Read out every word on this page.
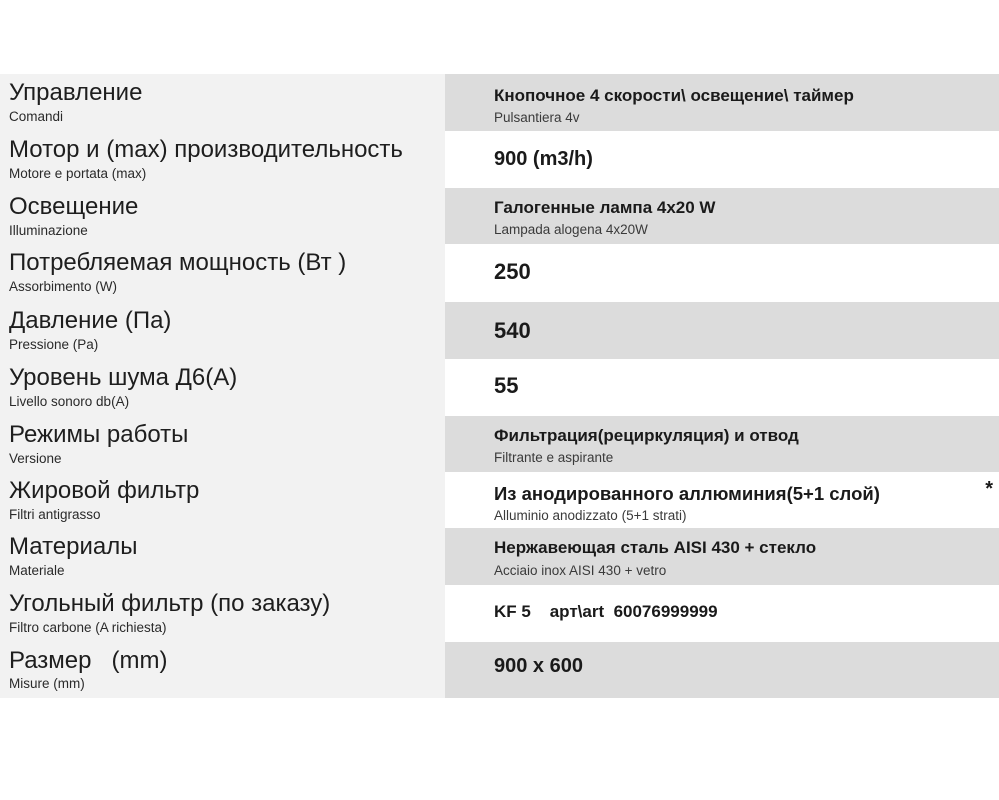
Управление
Comandi
Кнопочное 4 скорости\ освещение\ таймер
Pulsantiera 4v
Мотор и (max) производительность
Motore e portata (max)
900 (m3/h)
Освещение
Illuminazione
Галогенные лампа 4x20 W
Lampada alogena 4x20W
Потребляемая мощность (Вт )
Assorbimento (W)
250
Давление (Па)
Pressione (Pa)
540
Уровень шума Д6(А)
Livello sonoro db(A)
55
Режимы работы
Versione
Фильтрация(рециркуляция) и отвод
Filtrante e aspirante
Жировой фильтр
Filtri antigrasso
Из анодированного аллюминия(5+1 слой)
Alluminio anodizzato (5+1 strati)
*
Материалы
Materiale
Нержавеющая сталь AISI 430 + стекло
Acciaio inox AISI 430 + vetro
Угольный фильтр (по заказу)
Filtro carbone (A richiesta)
KF 5    арт\art  60076999999
Размер   (mm)
Misure (mm)
900 x 600
